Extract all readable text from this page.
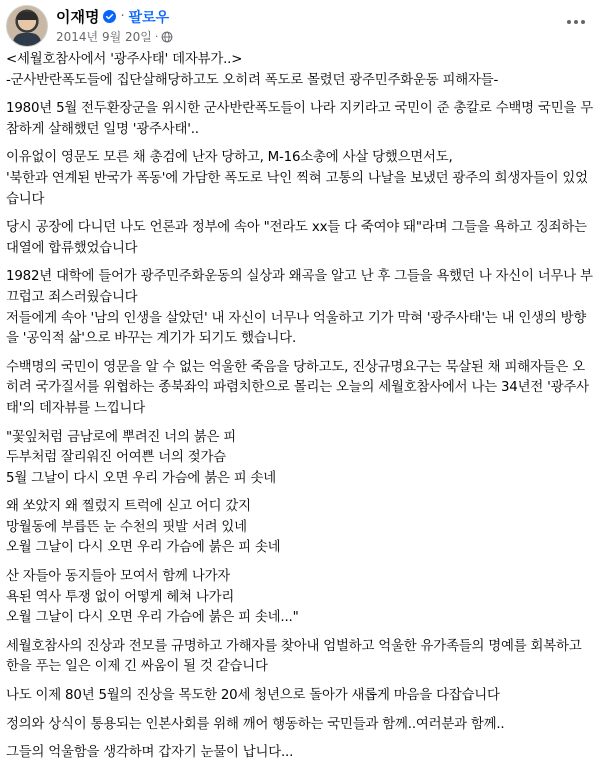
이재명 · 팔로우
2014년 9월 20일 ·

<세월호참사에서 '광주사태' 데자뷰가..>

-군사반란폭도들에 집단살해당하고도 오히려 폭도로 몰렸던 광주민주화운동 피해자들-

1980년 5월 전두환장군을 위시한 군사반란폭도들이 나라 지키라고 국민이 준 총칼로 수백명 국민을 무참하게 살해했던 일명 '광주사태'..

이유없이 영문도 모른 채 총검에 난자 당하고, M-16소총에 사살 당했으면서도,
'북한과 연계된 반국가 폭동'에 가담한 폭도로 낙인 찍혀 고통의 나날을 보냈던 광주의 희생자들이 있었습니다

당시 공장에 다니던 나도 언론과 정부에 속아 "전라도 xx들 다 죽여야 돼"라며 그들을 욕하고 징죄하는 대열에 합류했었습니다

1982년 대학에 들어가 광주민주화운동의 실상과 왜곡을 알고 난 후 그들을 욕했던 나 자신이 너무나 부끄럽고 죄스러웠습니다

저들에게 속아 '남의 인생을 살았던' 내 자신이 너무나 억울하고 기가 막혀 '광주사태'는 내 인생의 방향을 '공익적 삶'으로 바꾸는 계기가 되기도 했습니다.

수백명의 국민이 영문을 알 수 없는 억울한 죽음을 당하고도, 진상규명요구는 묵살된 채 피해자들은 오히려 국가질서를 위협하는 종북좌익 파렴치한으로 몰리는 오늘의 세월호참사에서 나는 34년전 '광주사태'의 데자뷰를 느낍니다

"꽃잎처럼 금남로에 뿌려진 너의 붉은 피
두부처럼 잘리워진 어여쁜 너의 젖가슴
5월 그날이 다시 오면 우리 가슴에 붉은 피 솟네

왜 쏘았지 왜 찔렀지 트럭에 싣고 어디 갔지
망월동에 부릅뜬 눈 수천의 핏발 서려 있네
오월 그날이 다시 오면 우리 가슴에 붉은 피 솟네

산 자들아 동지들아 모여서 함께 나가자
욕된 역사 투쟁 없이 어떻게 헤쳐 나가리
오월 그날이 다시 오면 우리 가슴에 붉은 피 솟네..."

세월호참사의 진상과 전모를 규명하고 가해자를 찾아내 엄벌하고 억울한 유가족들의 명예를 회복하고 한을 푸는 일은 이제 긴 싸움이 될 것 같습니다

나도 이제 80년 5월의 진상을 목도한 20세 청년으로 돌아가 새롭게 마음을 다잡습니다

정의와 상식이 통용되는 인본사회를 위해 깨어 행동하는 국민들과 함께..여러분과 함께..

그들의 억울함을 생각하며 갑자기 눈물이 납니다...
